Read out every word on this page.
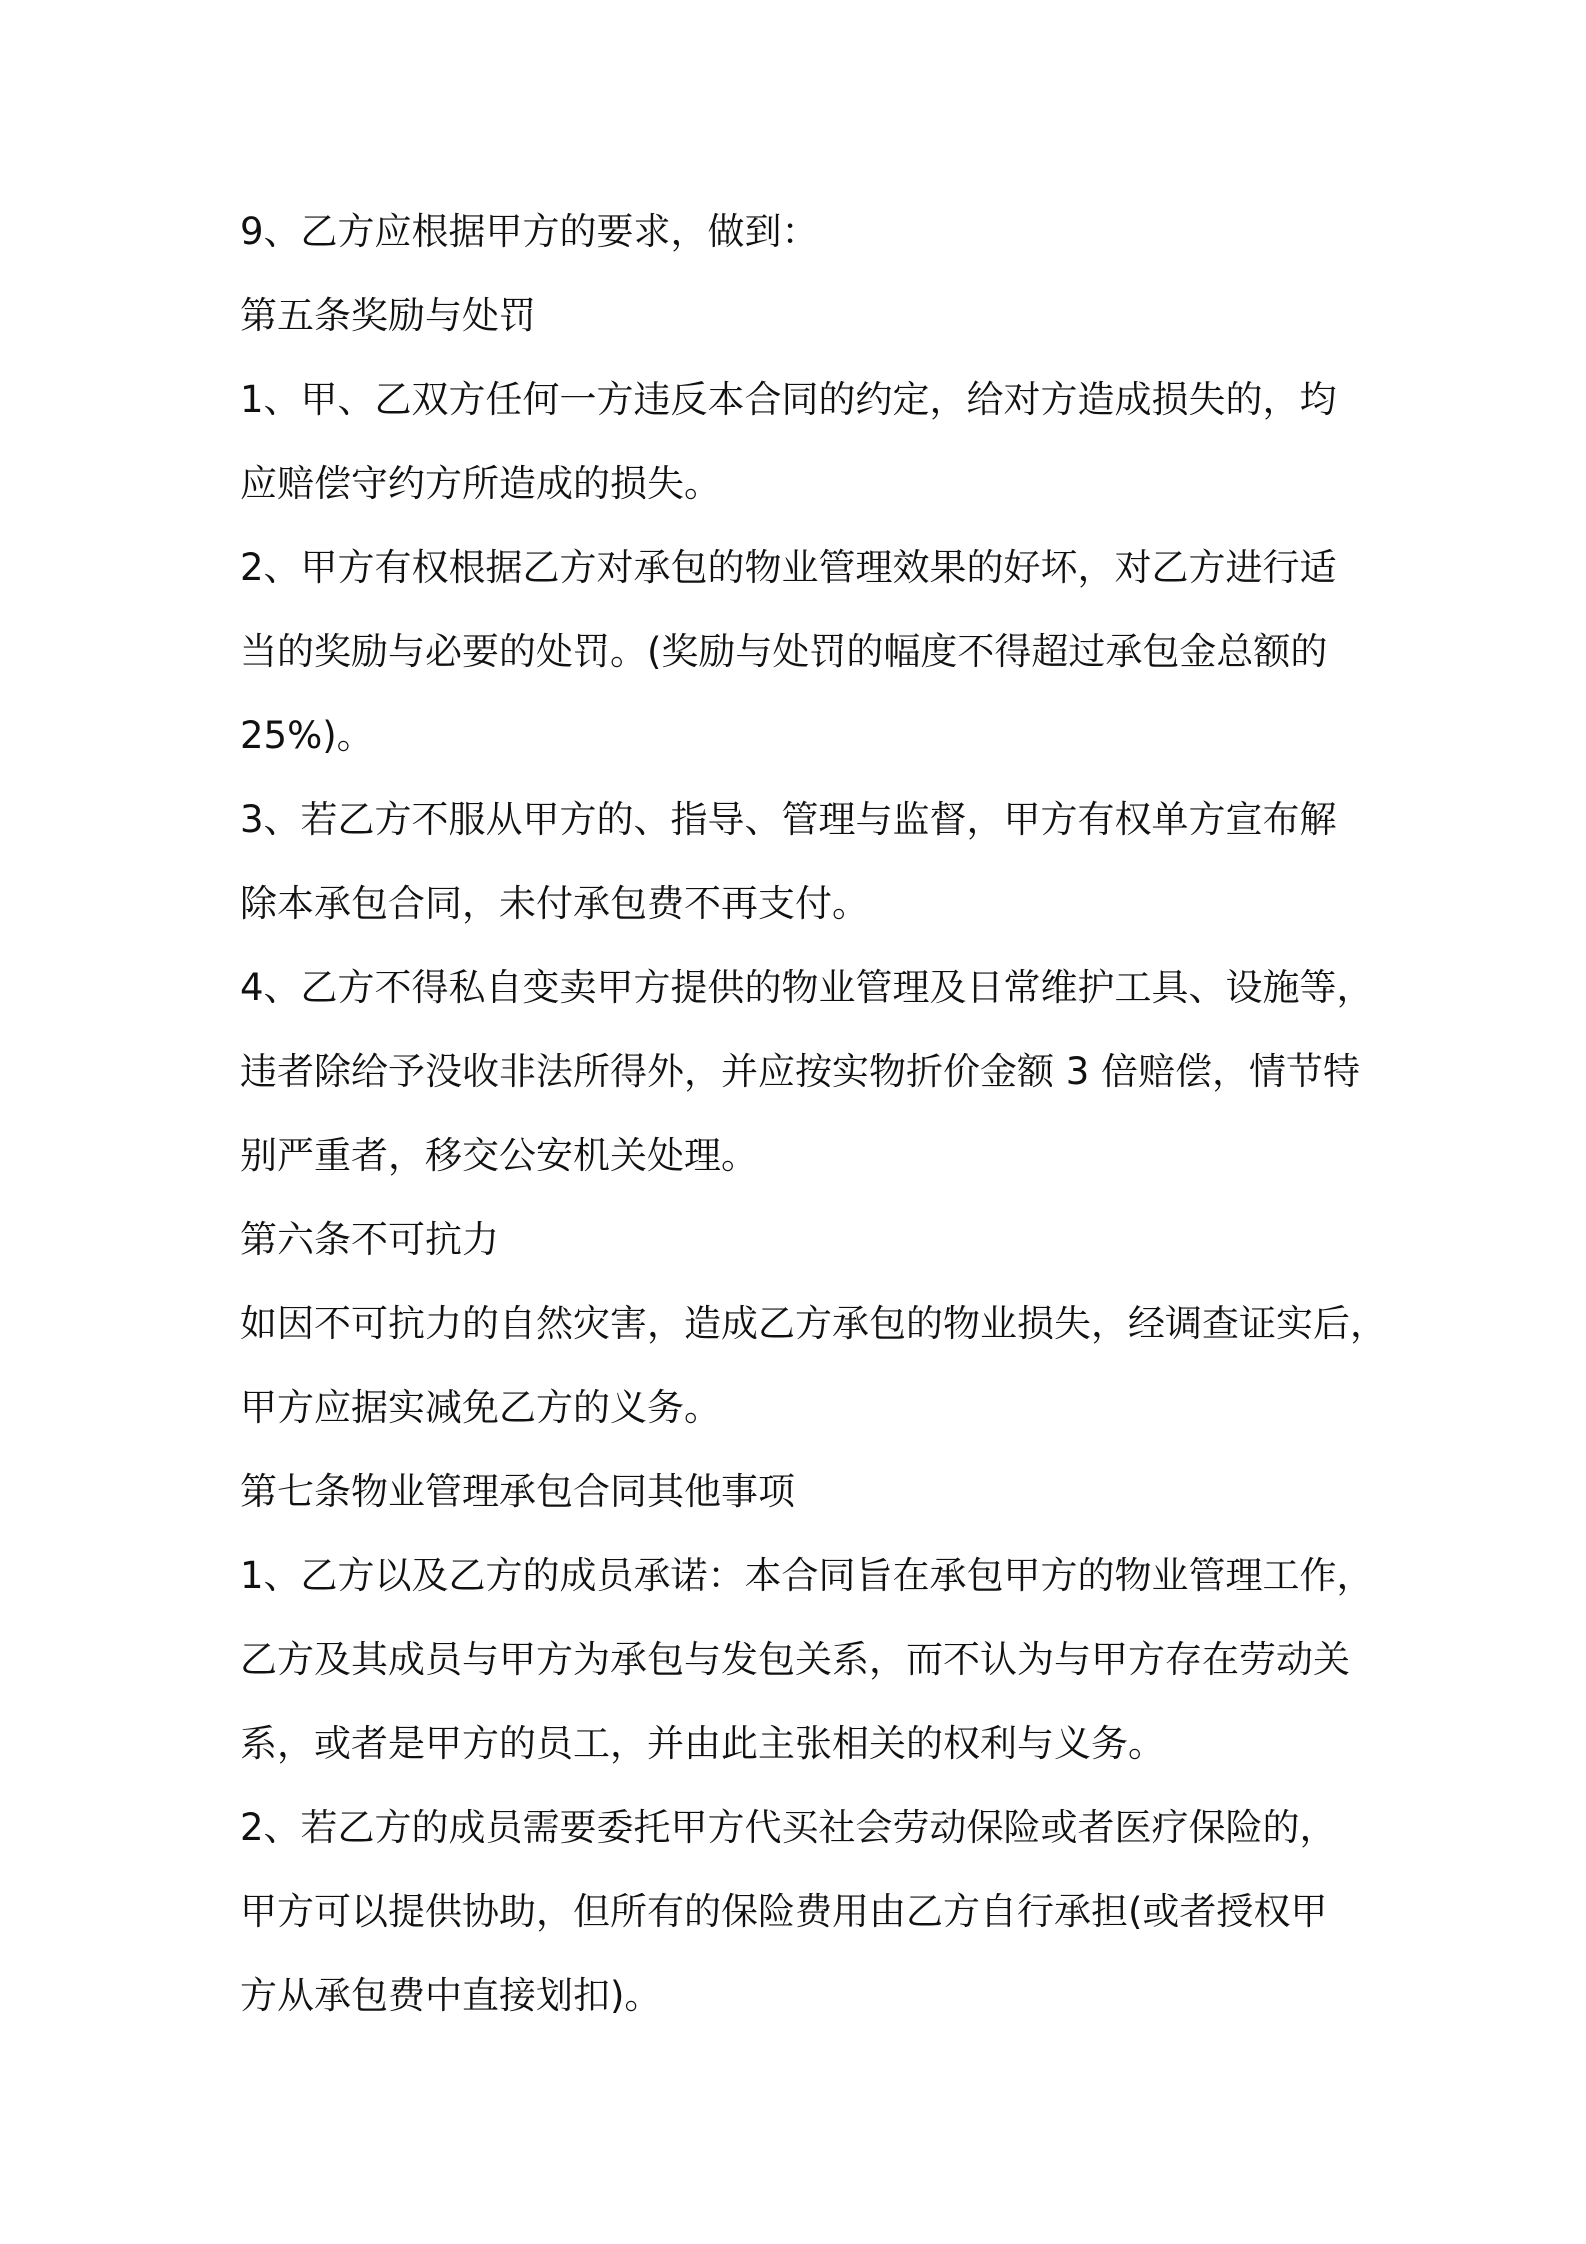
9、乙方应根据甲方的要求，做到：
第五条奖励与处罚
1、甲、乙双方任何一方违反本合同的约定，给对方造成损失的，均
应赔偿守约方所造成的损失。
2、甲方有权根据乙方对承包的物业管理效果的好坏，对乙方进行适
当的奖励与必要的处罚。(奖励与处罚的幅度不得超过承包金总额的
25%)。
3、若乙方不服从甲方的、指导、管理与监督，甲方有权单方宣布解
除本承包合同，未付承包费不再支付。
4、乙方不得私自变卖甲方提供的物业管理及日常维护工具、设施等，
违者除给予没收非法所得外，并应按实物折价金额 3 倍赔偿，情节特
别严重者，移交公安机关处理。
第六条不可抗力
如因不可抗力的自然灾害，造成乙方承包的物业损失，经调查证实后，
甲方应据实减免乙方的义务。
第七条物业管理承包合同其他事项
1、乙方以及乙方的成员承诺：本合同旨在承包甲方的物业管理工作，
乙方及其成员与甲方为承包与发包关系，而不认为与甲方存在劳动关
系，或者是甲方的员工，并由此主张相关的权利与义务。
2、若乙方的成员需要委托甲方代买社会劳动保险或者医疗保险的，
甲方可以提供协助，但所有的保险费用由乙方自行承担(或者授权甲
方从承包费中直接划扣)。
